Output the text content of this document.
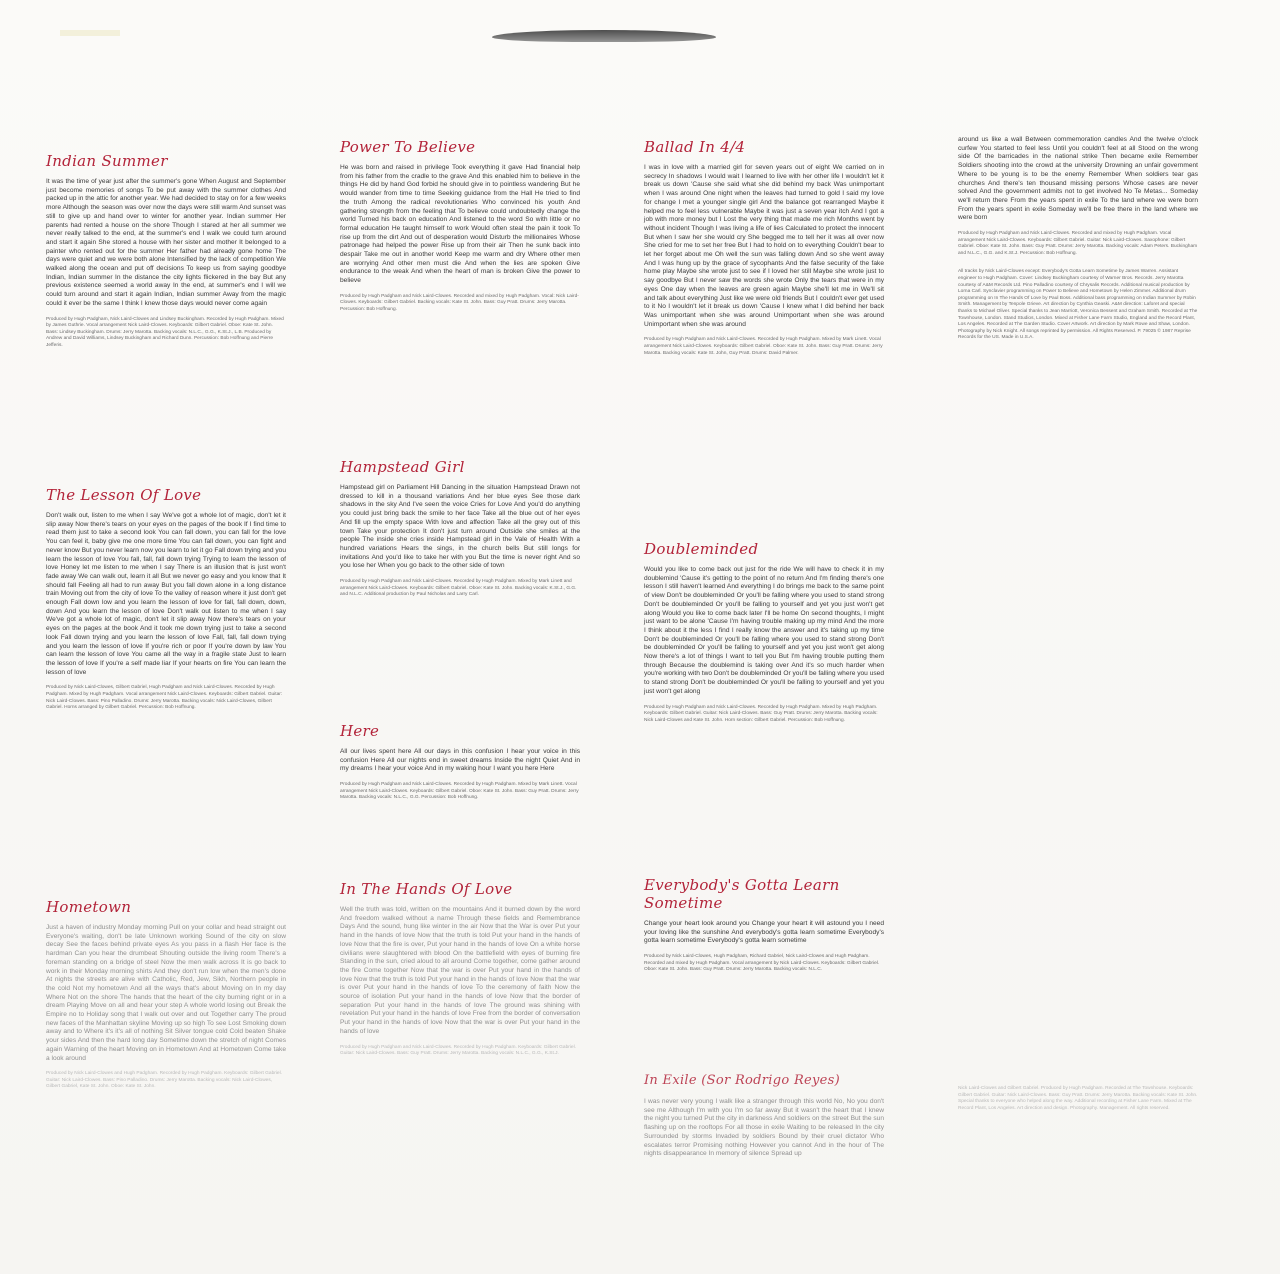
Indian Summer

It was the time of year just after the summer's gone When August and September just become memories of songs To be put away with the summer clothes And packed up in the attic for another year. We had decided to stay on for a few weeks more Although the season was over now the days were still warm And sunset was still to give up and hand over to winter for another year. Indian summer Her parents had rented a house on the shore Though I stared at her all summer we never really talked to the end, at the summer's end I walk we could turn around and start it again She stored a house with her sister and mother It belonged to a painter who rented out for the summer Her father had already gone home The days were quiet and we were both alone Intensified by the lack of competition We walked along the ocean and put off decisions To keep us from saying goodbye Indian, Indian summer In the distance the city lights flickered in the bay But any previous existence seemed a world away In the end, at summer's end I will we could turn around and start it again Indian, Indian summer Away from the magic could it ever be the same I think I knew those days would never come again

Produced by Hugh Padgham, Nick Laird-Clowes and Lindsey Buckingham. Recorded by Hugh Padgham. Mixed by James Guthrie. Vocal arrangement Nick Laird-Clowes. Keyboards: Gilbert Gabriel. Oboe: Kate St. John. Bass: Lindsey Buckingham. Drums: Jerry Marotta. Backing vocals: N.L.C., G.G., K.St.J., L.B. Produced by Andrew and David Williams, Lindsey Buckingham and Richard Dunn. Percussion: Bob Hoffnung and Pierre Jefferis.

The Lesson Of Love

Don't walk out, listen to me when I say We've got a whole lot of magic, don't let it slip away Now there's tears on your eyes on the pages of the book If I find time to read them just to take a second look You can fall down, you can fall for the love You can feel it, baby give me one more time You can fall down, you can fight and never know But you never learn now you learn to let it go Fall down trying and you learn the lesson of love You fall, fall, fall down trying Trying to learn the lesson of love Honey let me listen to me when I say There is an illusion that is just won't fade away We can walk out, learn it all But we never go easy and you know that It should fall Feeling all had to run away But you fall down alone in a long distance train Moving out from the city of love To the valley of reason where it just don't get enough Fall down low and you learn the lesson of love for fall, fall down, down, down And you learn the lesson of love Don't walk out listen to me when I say We've got a whole lot of magic, don't let it slip away Now there's tears on your eyes on the pages at the book And it took me down trying just to take a second look Fall down trying and you learn the lesson of love Fall, fall, fall down trying and you learn the lesson of love If you're rich or poor If you're down by law You can learn the lesson of love You came all the way in a fragile state Just to learn the lesson of love If you're a self made liar If your hearts on fire You can learn the lesson of love

Produced by Nick Laird-Clowes, Gilbert Gabriel, Hugh Padgham and Nick Laird-Clowes. Recorded by Hugh Padgham. Mixed by Hugh Padgham. Vocal arrangement Nick Laird-Clowes. Keyboards: Gilbert Gabriel. Guitar: Nick Laird-Clowes. Bass: Pino Palladino. Drums: Jerry Marotta. Backing vocals: Nick Laird-Clowes, Gilbert Gabriel. Horns arranged by Gilbert Gabriel. Percussion: Bob Hoffnung.

Hometown

Just a haven of industry Monday morning Pull on your collar and head straight out Everyone's waiting, don't be late Unknown working Sound of the city on slow decay See the faces behind private eyes As you pass in a flash Her face is the hardman Can you hear the drumbeat Shouting outside the living room There's a foreman standing on a bridge of steel Now the men walk across It is go back to work in their Monday morning shirts And they don't run low when the men's done At nights the streets are alive with Catholic, Red, Jew, Sikh, Northern people in the cold Not my hometown And all the ways that's about Moving on In my day Where Not on the shore The hands that the heart of the city burning right or in a dream Playing Move on all and hear your step A whole world losing out Break the Empire no to Holiday song that I walk out over and out Together carry The proud new faces of the Manhattan skyline Moving up so high To see Lost Smoking down away and to Where it's it's all of nothing Sit Silver tongue cold Cold beaten Shake your sides And then the hard long day Sometime down the stretch of night Comes again Warning of the heart Moving on in Hometown And at Hometown Come take a look around

Produced by Nick Laird-Clowes and Hugh Padgham. Recorded by Hugh Padgham. Keyboards: Gilbert Gabriel. Guitar: Nick Laird-Clowes. Bass: Pino Palladino. Drums: Jerry Marotta. Backing vocals: Nick Laird-Clowes, Gilbert Gabriel, Kate St. John. Oboe: Kate St. John.

Power To Believe

He was born and raised in privilege Took everything it gave Had financial help from his father from the cradle to the grave And this enabled him to believe in the things He did by hand God forbid he should give in to pointless wandering But he would wander from time to time Seeking guidance from the Hall He tried to find the truth Among the radical revolutionaries Who convinced his youth And gathering strength from the feeling that To believe could undoubtedly change the world Turned his back on education And listened to the word So with little or no formal education He taught himself to work Would often steal the pain it took To rise up from the dirt And out of desperation would Disturb the millionaires Whose patronage had helped the power Rise up from their air Then he sunk back into despair Take me out in another world Keep me warm and dry Where other men are worrying And other men must die And when the lies are spoken Give endurance to the weak And when the heart of man is broken Give the power to believe

Produced by Hugh Padgham and Nick Laird-Clowes. Recorded and mixed by Hugh Padgham. Vocal: Nick Laird-Clowes. Keyboards: Gilbert Gabriel. Backing vocals: Kate St. John. Bass: Guy Pratt. Drums: Jerry Marotta. Percussion: Bob Hoffnung.

Hampstead Girl

Hampstead girl on Parliament Hill Dancing in the situation Hampstead Drawn not dressed to kill in a thousand variations And her blue eyes See those dark shadows in the sky And I've seen the voice Cries for Love And you'd do anything you could just bring back the smile to her face Take all the blue out of her eyes And fill up the empty space With love and affection Take all the grey out of this town Take your protection It don't just turn around Outside she smiles at the people The inside she cries inside Hampstead girl in the Vale of Health With a hundred variations Hears the sings, in the church bells But still longs for invitations And you'd like to take her with you But the time is never right And so you lose her When you go back to the other side of town

Produced by Hugh Padgham and Nick Laird-Clowes. Recorded by Hugh Padgham. Mixed by Mark Linett and arrangement Nick Laird-Clowes. Keyboards: Gilbert Gabriel. Oboe: Kate St. John. Backing vocals: K.St.J., G.G. and N.L.C. Additional production by Paul Nicholas and Larry Carl.

Here

All our lives spent here All our days in this confusion I hear your voice in this confusion Here All our nights end in sweet dreams Inside the night Quiet And in my dreams I hear your voice And in my waking hour I want you here Here

Produced by Hugh Padgham and Nick Laird-Clowes. Recorded by Hugh Padgham. Mixed by Mark Linett. Vocal arrangement Nick Laird-Clowes. Keyboards: Gilbert Gabriel. Oboe: Kate St. John. Bass: Guy Pratt. Drums: Jerry Marotta. Backing vocals: N.L.C., G.G. Percussion: Bob Hoffnung.

In The Hands Of Love

Well the truth was told, written on the mountains And it burned down by the word And freedom walked without a name Through these fields and Remembrance Days And the sound, hung like winter in the air Now that the War is over Put your hand in the hands of love Now that the truth is told Put your hand in the hands of love Now that the fire is over, Put your hand in the hands of love On a white horse civilians were slaughtered with blood On the battlefield with eyes of burning fire Standing in the sun, cried aloud to all around Come together, come gather around the fire Come together Now that the war is over Put your hand in the hands of love Now that the truth is told Put your hand in the hands of love Now that the war is over Put your hand in the hands of love To the ceremony of faith Now the source of isolation Put your hand in the hands of love Now that the border of separation Put your hand in the hands of love The ground was shining with revelation Put your hand in the hands of love Free from the border of conversation Put your hand in the hands of love Now that the war is over Put your hand in the hands of love

Produced by Hugh Padgham and Nick Laird-Clowes. Recorded by Hugh Padgham. Keyboards: Gilbert Gabriel. Guitar: Nick Laird-Clowes. Bass: Guy Pratt. Drums: Jerry Marotta. Backing vocals: N.L.C., G.G., K.St.J.

Ballad In 4/4

I was in love with a married girl for seven years out of eight We carried on in secrecy In shadows I would wait I learned to live with her other life I wouldn't let it break us down 'Cause she said what she did behind my back Was unimportant when I was around One night when the leaves had turned to gold I said my love for change I met a younger single girl And the balance got rearranged Maybe it helped me to feel less vulnerable Maybe it was just a seven year itch And I got a job with more money but I Lost the very thing that made me rich Months went by without incident Though I was living a life of lies Calculated to protect the innocent But when I saw her she would cry She begged me to tell her it was all over now She cried for me to set her free But I had to hold on to everything Couldn't bear to let her forget about me Oh well the sun was falling down And so she went away And I was hung up by the grace of sycophants And the false security of the fake home play Maybe she wrote just to see if I loved her still Maybe she wrote just to say goodbye But I never saw the words she wrote Only the tears that were in my eyes One day when the leaves are green again Maybe she'll let me in We'll sit and talk about everything Just like we were old friends But I couldn't ever get used to it No I wouldn't let it break us down 'Cause I knew what I did behind her back Was unimportant when she was around Unimportant when she was around Unimportant when she was around

Produced by Hugh Padgham and Nick Laird-Clowes. Recorded by Hugh Padgham. Mixed by Mark Linett. Vocal arrangement Nick Laird-Clowes. Keyboards: Gilbert Gabriel. Oboe: Kate St. John. Bass: Guy Pratt. Drums: Jerry Marotta. Backing vocals: Kate St. John, Guy Pratt. Drums: David Palmer.

Doubleminded

Would you like to come back out just for the ride We will have to check it in my doublemind 'Cause it's getting to the point of no return And I'm finding there's one lesson I still haven't learned And everything I do brings me back to the same point of view Don't be doubleminded Or you'll be falling where you used to stand strong Don't be doubleminded Or you'll be falling to yourself and yet you just won't get along Would you like to come back later I'll be home On second thoughts, I might just want to be alone 'Cause I'm having trouble making up my mind And the more I think about it the less I find I really know the answer and it's taking up my time Don't be doubleminded Or you'll be falling where you used to stand strong Don't be doubleminded Or you'll be falling to yourself and yet you just won't get along Now there's a lot of things I want to tell you But I'm having trouble putting them through Because the doublemind is taking over And it's so much harder when you're working with two Don't be doubleminded Or you'll be falling where you used to stand strong Don't be doubleminded Or you'll be falling to yourself and yet you just won't get along

Produced by Hugh Padgham and Nick Laird-Clowes. Recorded by Hugh Padgham. Mixed by Hugh Padgham. Keyboards: Gilbert Gabriel. Guitar: Nick Laird-Clowes. Bass: Guy Pratt. Drums: Jerry Marotta. Backing vocals: Nick Laird-Clowes and Kate St. John. Horn section: Gilbert Gabriel. Percussion: Bob Hoffnung.

Everybody's Gotta Learn Sometime

Change your heart look around you Change your heart it will astound you I need your loving like the sunshine And everybody's gotta learn sometime Everybody's gotta learn sometime Everybody's gotta learn sometime

Produced by Nick Laird-Clowes, Hugh Padgham, Richard Gabriel, Nick Laird-Clowes and Hugh Padgham. Recorded and mixed by Hugh Padgham. Vocal arrangement by Nick Laird-Clowes. Keyboards: Gilbert Gabriel. Oboe: Kate St. John. Bass: Guy Pratt. Drums: Jerry Marotta. Backing vocals: N.L.C.

In Exile (Sor Rodrigo Reyes)

I was never very young I walk like a stranger through this world No, No you don't see me Although I'm with you I'm so far away But it wasn't the heart that I knew the night you turned Put the city in darkness And soldiers on the street But the sun flashing up on the rooftops For all those in exile Waiting to be released In the city Surrounded by storms Invaded by soldiers Bound by their cruel dictator Who escalates terror Promising nothing However you cannot And in the hour of The nights disappearance In memory of silence Spread up

around us like a wall Between commemoration candles And the twelve o'clock curfew You started to feel less Until you couldn't feel at all Stood on the wrong side Of the barricades in the national strike Then became exile Remember Soldiers shooting into the crowd at the university Drowning an unfair government Where to be young is to be the enemy Remember When soldiers tear gas churches And there's ten thousand missing persons Whose cases are never solved And the government admits not to get involved No Te Metas... Someday we'll return there From the years spent in exile To the land where we were born From the years spent in exile Someday we'll be free there in the land where we were born

Produced by Hugh Padgham and Nick Laird-Clowes. Recorded and mixed by Hugh Padgham. Vocal arrangement Nick Laird-Clowes. Keyboards: Gilbert Gabriel. Guitar: Nick Laird-Clowes. Saxophone: Gilbert Gabriel. Oboe: Kate St. John. Bass: Guy Pratt. Drums: Jerry Marotta. Backing vocals: Adam Peters. Buckingham and N.L.C., G.G. and K.St.J. Percussion: Bob Hoffnung.

All tracks by Nick Laird-Clowes except: Everybody's Gotta Learn Sometime by James Warren. Assistant engineer to Hugh Padgham. Cover: Lindsey Buckingham courtesy of Warner Bros. Records. Jerry Marotta courtesy of A&M Records Ltd. Pino Palladino courtesy of Chrysalis Records. Additional musical production by Lorna Carl. Synclavier programming on Power to Believe and Hometown by Helen Zimmer. Additional drum programming on In The Hands Of Love by Paul Boss. Additional bass programming on Indian Summer by Robin Smith. Management by Tenpole Grieve. Art direction by Cynthia Geaski. A&M direction: Laforet and special thanks to Michael Oliver. Special thanks to Jean Marriott, Veronica Bessent and Graham Smith. Recorded at The Townhouse, London. Stand Studios, London. Mixed at Fisher Lane Farm Studio, England and the Record Plant, Los Angeles. Recorded at The Garden Studio. Cover Artwork. Art direction by Mark Rowe and Shaw, London. Photography by Nick Knight. All songs reprinted by permission. All Rights Reserved. P. 79025 © 1987 Reprise Records for the US. Made in U.S.A.

Nick Laird-Clowes and Gilbert Gabriel. Produced by Hugh Padgham. Recorded at The Townhouse. Keyboards: Gilbert Gabriel. Guitar: Nick Laird-Clowes. Bass: Guy Pratt. Drums: Jerry Marotta. Backing vocals: Kate St. John. Special thanks to everyone who helped along the way. Additional recording at Fisher Lane Farm. Mixed at The Record Plant, Los Angeles. Art direction and design. Photography. Management. All rights reserved.
